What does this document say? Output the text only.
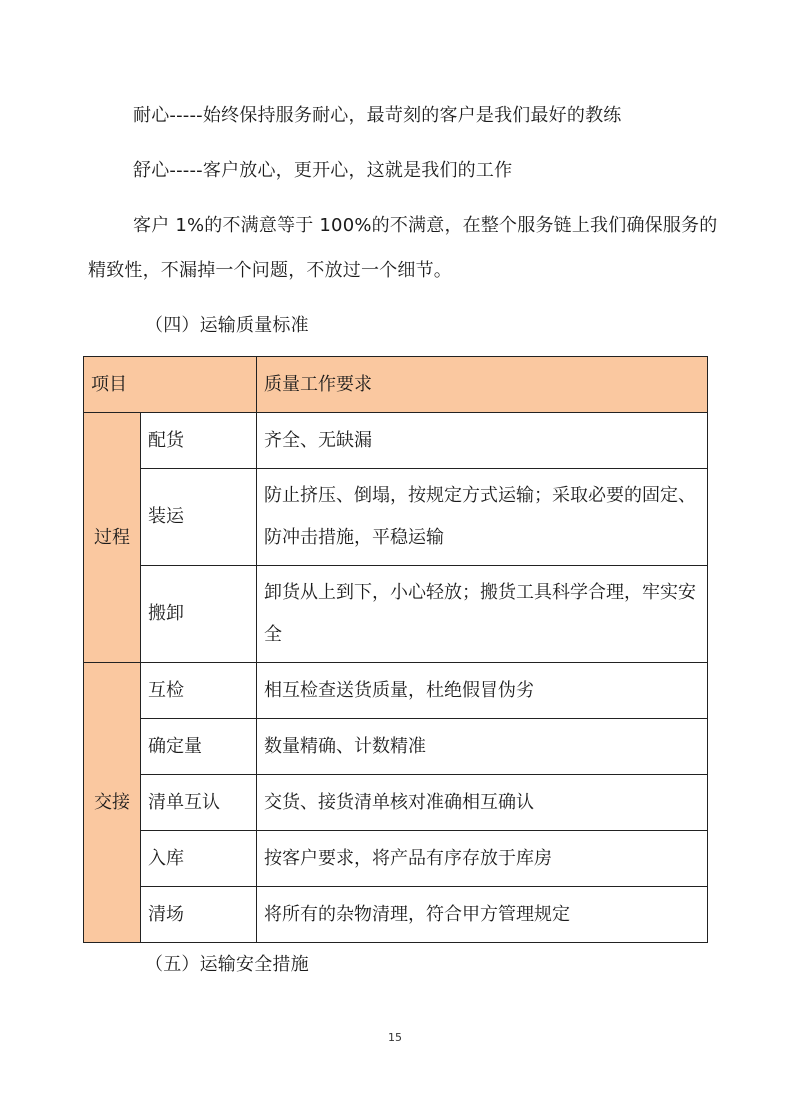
耐心-----始终保持服务耐心，最苛刻的客户是我们最好的教练
舒心-----客户放心，更开心，这就是我们的工作
客户 1%的不满意等于 100%的不满意，在整个服务链上我们确保服务的
精致性，不漏掉一个问题，不放过一个细节。
（四）运输质量标准
项目		质量工作要求
过程	配货	齐全、无缺漏
	装运	防止挤压、倒塌，按规定方式运输；采取必要的固定、防冲击措施，平稳运输
	搬卸	卸货从上到下，小心轻放；搬货工具科学合理，牢实安全
交接	互检	相互检查送货质量，杜绝假冒伪劣
	确定量	数量精确、计数精准
	清单互认	交货、接货清单核对准确相互确认
	入库	按客户要求，将产品有序存放于库房
	清场	将所有的杂物清理，符合甲方管理规定
（五）运输安全措施
15
